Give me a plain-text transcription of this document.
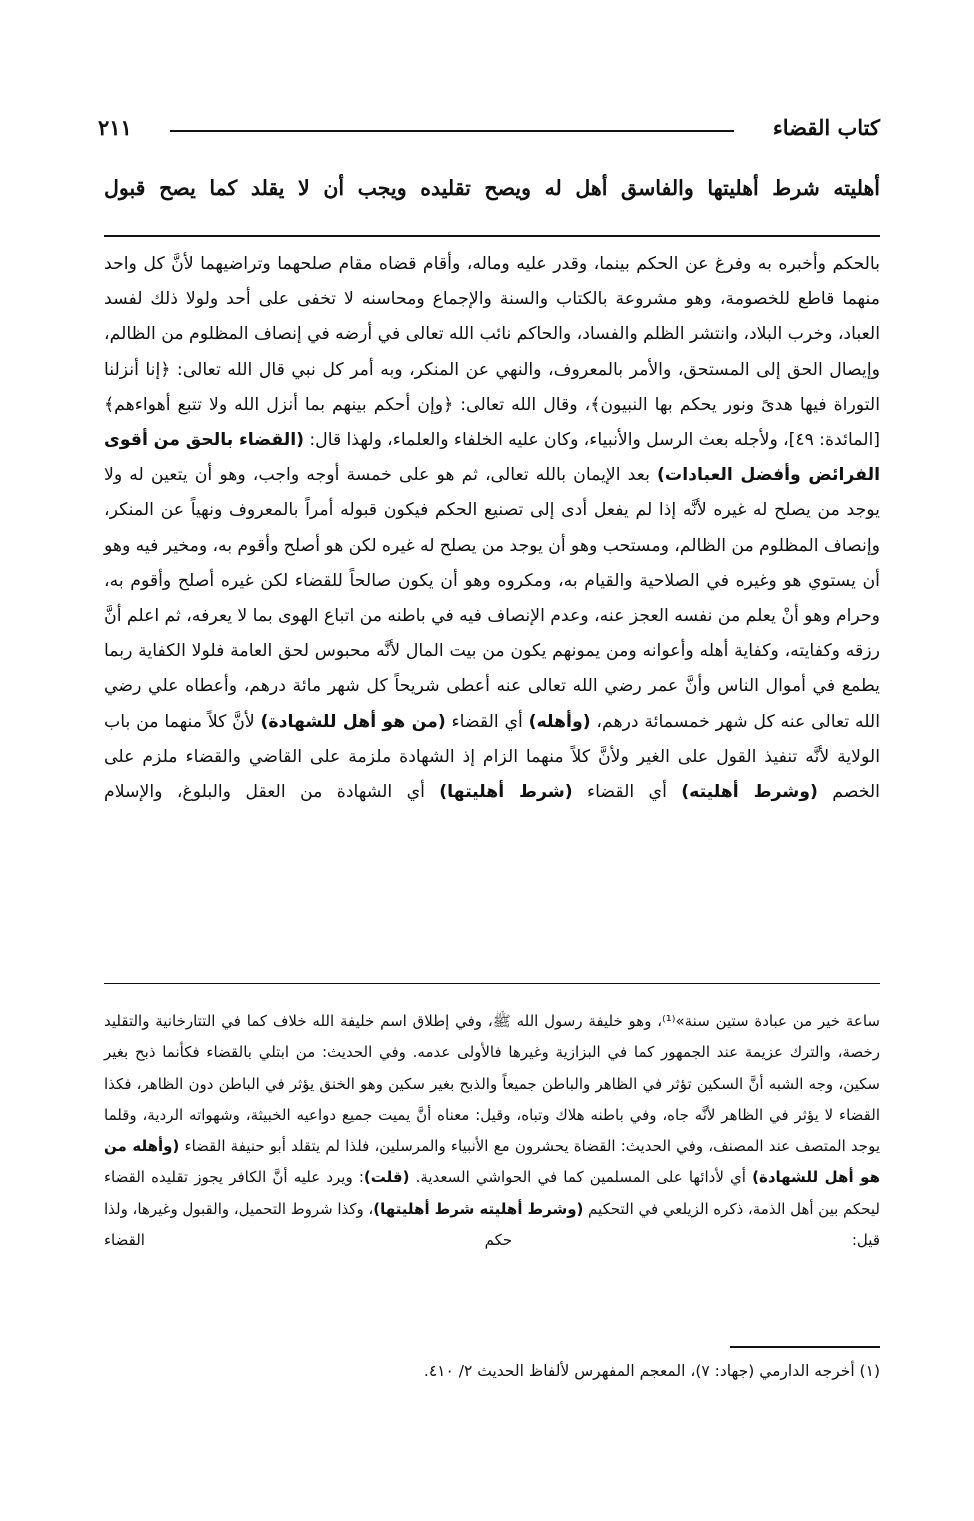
كتاب القضاء
٢١١

أهليته شرط أهليتها والفاسق أهل له ويصح تقليده ويجب أن لا يقلد كما يصح قبول

بالحكم وأخبره به وفرغ عن الحكم بينما، وقدر عليه وماله، وأقام قضاه مقام صلحهما وتراضيهما لأنَّ كل واحد منهما قاطع للخصومة، وهو مشروعة بالكتاب والسنة والإجماع ومحاسنه لا تخفى على أحد ولولا ذلك لفسد العباد، وخرب البلاد، وانتشر الظلم والفساد، والحاكم نائب الله تعالى في أرضه في إنصاف المظلوم من الظالم، وإيصال الحق إلى المستحق، والأمر بالمعروف، والنهي عن المنكر، وبه أمر كل نبي قال الله تعالى: ﴿إنا أنزلنا التوراة فيها هدىً ونور يحكم بها النبيون﴾، وقال الله تعالى: ﴿وإن أحكم بينهم بما أنزل الله ولا تتبع أهواءهم﴾ [المائدة: ٤٩]، ولأجله بعث الرسل والأنبياء، وكان عليه الخلفاء والعلماء، ولهذا قال: (القضاء بالحق من أقوى الفرائض وأفضل العبادات) بعد الإيمان بالله تعالى، ثم هو على خمسة أوجه واجب، وهو أن يتعين له ولا يوجد من يصلح له غيره لأنَّه إذا لم يفعل أدى إلى تصنيع الحكم فيكون قبوله أمراً بالمعروف ونهياً عن المنكر، وإنصاف المظلوم من الظالم، ومستحب وهو أن يوجد من يصلح له غيره لكن هو أصلح وأقوم به، ومخير فيه وهو أن يستوي هو وغيره في الصلاحية والقيام به، ومكروه وهو أن يكون صالحاً للقضاء لكن غيره أصلح وأقوم به، وحرام وهو أنْ يعلم من نفسه العجز عنه، وعدم الإنصاف فيه في باطنه من اتباع الهوى بما لا يعرفه، ثم اعلم أنَّ رزقه وكفايته، وكفاية أهله وأعوانه ومن يمونهم يكون من بيت المال لأنَّه محبوس لحق العامة فلولا الكفاية ربما يطمع في أموال الناس وأنَّ عمر رضي الله تعالى عنه أعطى شريحاً كل شهر مائة درهم، وأعطاه علي رضي الله تعالى عنه كل شهر خمسمائة درهم، (وأهله) أي القضاء (من هو أهل للشهادة) لأنَّ كلاً منهما من باب الولاية لأنَّه تنفيذ القول على الغير ولأنَّ كلاً منهما الزام إذ الشهادة ملزمة على القاضي والقضاء ملزم على الخصم (وشرط أهليته) أي القضاء (شرط أهليتها) أي الشهادة من العقل والبلوغ، والإسلام

ساعة خير من عبادة ستين سنة»⁽¹⁾، وهو خليفة رسول الله ﷺ، وفي إطلاق اسم خليفة الله خلاف كما في التتارخانية والتقليد رخصة، والترك عزيمة عند الجمهور كما في البزازية وغيرها فالأولى عدمه. وفي الحديث: من ابتلي بالقضاء فكأنما ذبح بغير سكين، وجه الشبه أنَّ السكين تؤثر في الظاهر والباطن جميعاً والذبح بغير سكين وهو الخنق يؤثر في الباطن دون الظاهر، فكذا القضاء لا يؤثر في الظاهر لأنَّه جاه، وفي باطنه هلاك وتباه، وقيل: معناه أنَّ يميت جميع دواعيه الخبيثة، وشهواته الردية، وقلما يوجد المتصف عند المصنف، وفي الحديث: القضاة يحشرون مع الأنبياء والمرسلين، فلذا لم يتقلد أبو حنيفة القضاء (وأهله من هو أهل للشهادة) أي لأدائها على المسلمين كما في الحواشي السعدية. (قلت): ويرد عليه أنَّ الكافر يجوز تقليده القضاء ليحكم بين أهل الذمة، ذكره الزيلعي في التحكيم (وشرط أهليته شرط أهليتها)، وكذا شروط التحميل، والقبول وغيرها، ولذا قيل: حكم القضاء

(١) أخرجه الدارمي (جهاد: ٧)، المعجم المفهرس لألفاظ الحديث ٢/ ٤١٠.
